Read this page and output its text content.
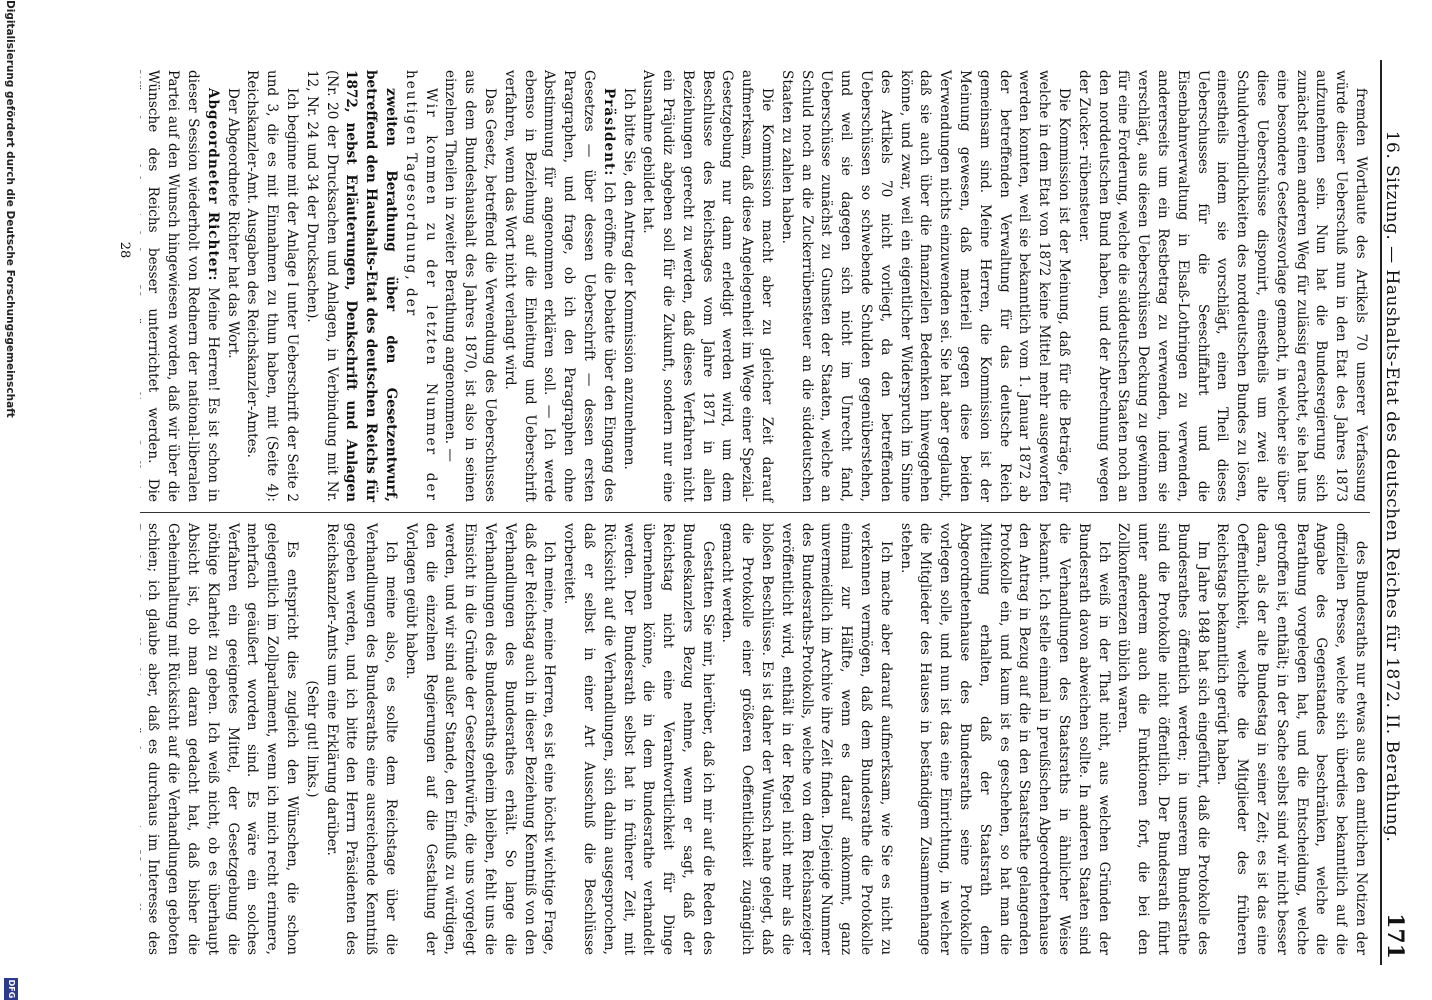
16. Sitzung. — Haushalts-Etat des deutschen Reiches für 1872. II. Berathung.
171

fremden Wortlaute des Artikels 70 unserer Verfassung würde dieser Ueberschuß nun in den Etat des Jahres 1873 aufzunehmen sein. Nun hat die Bundesregierung sich zunächst einen anderen Weg für zulässig erachtet, sie hat uns eine besondere Gesetzesvorlage gemacht, in welcher sie über diese Ueberschüsse disponirt, einestheils um zwei alte Schuldverbindlichkeiten des norddeutschen Bundes zu lösen, einestheils indem sie vorschlägt, einen Theil dieses Ueberschusses für die Seeschiffahrt und die Eisenbahnverwaltung in Elsaß-Lothringen zu verwenden, andererseits um ein Restbetrag zu verwenden, indem sie verschlägt, aus diesen Ueberschüssen Deckung zu gewinnen für eine Forderung, welche die süddeutschen Staaten noch an den norddeutschen Bund haben, und der Abrechnung wegen der Zucker- rübensteuer.

Die Kommission ist der Meinung, daß für die Beträge, für welche in dem Etat von 1872 keine Mittel mehr ausgeworfen werden konnten, weil sie bekanntlich vom 1. Januar 1872 ab der betreffenden Verwaltung für das deutsche Reich gemeinsam sind. Meine Herren, die Kommission ist der Meinung gewesen, daß materiell gegen diese beiden Verwendungen nichts einzuwenden sei. Sie hat aber geglaubt, daß sie auch über die finanziellen Bedenken hinweggehen könne, und zwar, weil ein eigentlicher Widerspruch im Sinne des Artikels 70 nicht vorliegt, da den betreffenden Ueberschüssen so schwebende Schulden gegenüberstehen, und weil sie dagegen sich nicht im Unrecht fand, Ueberschüsse zunächst zu Gunsten der Staaten, welche an Schuld noch an die Zuckerrübensteuer an die süddeutschen Staaten zu zahlen haben.

Die Kommission macht aber zu gleicher Zeit darauf aufmerksam, daß diese Angelegenheit im Wege einer Spezial-Gesetzgebung nur dann erledigt werden wird, um dem Beschlusse des Reichstages vom Jahre 1871 in allen Beziehungen gerecht zu werden, daß dieses Verfahren nicht ein Präjudiz abgeben soll für die Zukunft, sondern nur eine Ausnahme gebildet hat.

Ich bitte Sie, den Antrag der Kommission anzunehmen.

Präsident: Ich eröffne die Debatte über den Eingang des Gesetzes — über dessen Ueberschrift — dessen ersten Paragraphen, und frage, ob ich den Paragraphen ohne Abstimmung für angenommen erklären soll. — Ich werde ebenso in Beziehung auf die Einleitung und Ueberschrift verfahren, wenn das Wort nicht verlangt wird.

Das Gesetz, betreffend die Verwendung des Ueberschusses aus dem Bundeshaushalt des Jahres 1870, ist also in seinen einzelnen Theilen in zweiter Berathung angenommen. —

Wir kommen zu der letzten Nummer der heutigen Tagesordnung, der

zweiten Berathung über den Gesetzentwurf, betreffend den Haushalts-Etat des deutschen Reichs für 1872, nebst Erläuterungen, Denkschrift und Anlagen (Nr. 20 der Drucksachen und Anlagen, in Verbindung mit Nr. 12, Nr. 24 und 34 der Drucksachen).

Ich beginne mit der Anlage I unter Ueberschrift der Seite 2 und 3, die es mit Einnahmen zu thun haben, mit (Seite 4): Reichskanzler-Amt. Ausgaben des Reichskanzler-Amtes.

Der Abgeordnete Richter hat das Wort.

Abgeordneter Richter: Meine Herren! Es ist schon in dieser Session wiederholt von Rednern der national-liberalen Partei auf den Wunsch hingewiesen worden, daß wir über die Wünsche des Reichs besser unterrichtet werden. Die

des Bundesraths nur etwas aus den amtlichen Notizen der offiziellen Presse, welche sich überdies bekanntlich auf die Angabe des Gegenstandes beschränken, welche die Berathung vorgelegen hat, und die Entscheidung, welche getroffen ist, enthält; in der Sache selbst sind wir nicht besser daran, als der alte Bundestag in seiner Zeit; es ist das eine Oeffentlichkeit, welche die Mitglieder des früheren Reichstags bekanntlich gerügt haben.

Im Jahre 1848 hat sich eingeführt, daß die Protokolle des Bundesrathes öffentlich werden; in unserem Bundesrathe sind die Protokolle nicht öffentlich. Der Bundesrath führt unter anderem auch die Funktionen fort, die bei den Zollkonferenzen üblich waren.

Ich weiß in der That nicht, aus welchen Gründen der Bundesrath davon abweichen sollte. In anderen Staaten sind die Verhandlungen des Staatsraths in ähnlicher Weise bekannt. Ich stelle einmal in preußischen Abgeordnetenhause den Antrag in Bezug auf die in den Staatsrathe gelangenden Protokolle ein, und kaum ist es geschehen, so hat man die Mitteilung erhalten, daß der Staatsrath dem Abgeordnetenhause des Bundesraths seine Protokolle vorlegen solle, und nun ist das eine Einrichtung, in welcher die Mitglieder des Hauses in beständigem Zusammenhange stehen.

Ich mache aber darauf aufmerksam, wie Sie es nicht zu verkennen vermögen, daß dem Bundesrathe die Protokolle einmal zur Hälfte, wenn es darauf ankommt, ganz unvermeidlich im Archive ihre Zeit finden. Diejenige Nummer des Bundesraths-Protokolls, welche von dem Reichsanzeiger veröffentlicht wird, enthält in der Regel nicht mehr als die bloßen Beschlüsse. Es ist daher der Wunsch nahe gelegt, daß die Protokolle einer größeren Oeffentlichkeit zugänglich gemacht werden.

Gestatten Sie mir, hierüber, daß ich mir auf die Reden des Bundeskanzlers Bezug nehme, wenn er sagt, daß der Reichstag nicht eine Verantwortlichkeit für Dinge übernehmen könne, die in dem Bundesrathe verhandelt werden. Der Bundesrath selbst hat in früherer Zeit, mit Rücksicht auf die Verhandlungen, sich dahin ausgesprochen, daß er selbst in einer Art Ausschuß die Beschlüsse vorbereitet.

Ich meine, meine Herren, es ist eine höchst wichtige Frage, daß der Reichstag auch in dieser Beziehung Kenntniß von den Verhandlungen des Bundesrathes erhält. So lange die Verhandlungen des Bundesraths geheim bleiben, fehlt uns die Einsicht in die Gründe der Gesetzentwürfe, die uns vorgelegt werden, und wir sind außer Stande, den Einfluß zu würdigen, den die einzelnen Regierungen auf die Gestaltung der Vorlagen geübt haben.

Ich meine also, es sollte dem Reichstage über die Verhandlungen des Bundesraths eine ausreichende Kenntniß gegeben werden, und ich bitte den Herrn Präsidenten des Reichskanzler-Amts um eine Erklärung darüber.

(Sehr gut! links.)

Es entspricht dies zugleich den Wünschen, die schon gelegentlich im Zollparlament, wenn ich mich recht erinnere, mehrfach geäußert worden sind. Es wäre ein solches Verfahren ein geeignetes Mittel, der Gesetzgebung die nöthige Klarheit zu geben. Ich weiß nicht, ob es überhaupt Absicht ist, ob man daran gedacht hat, daß bisher die Geheimhaltung mit Rücksicht auf die Verhandlungen geboten schien; ich glaube aber, daß es durchaus im Interesse des

28
Digitalisierung gefördert durch die Deutsche Forschungsgemeinschaft
DFG
